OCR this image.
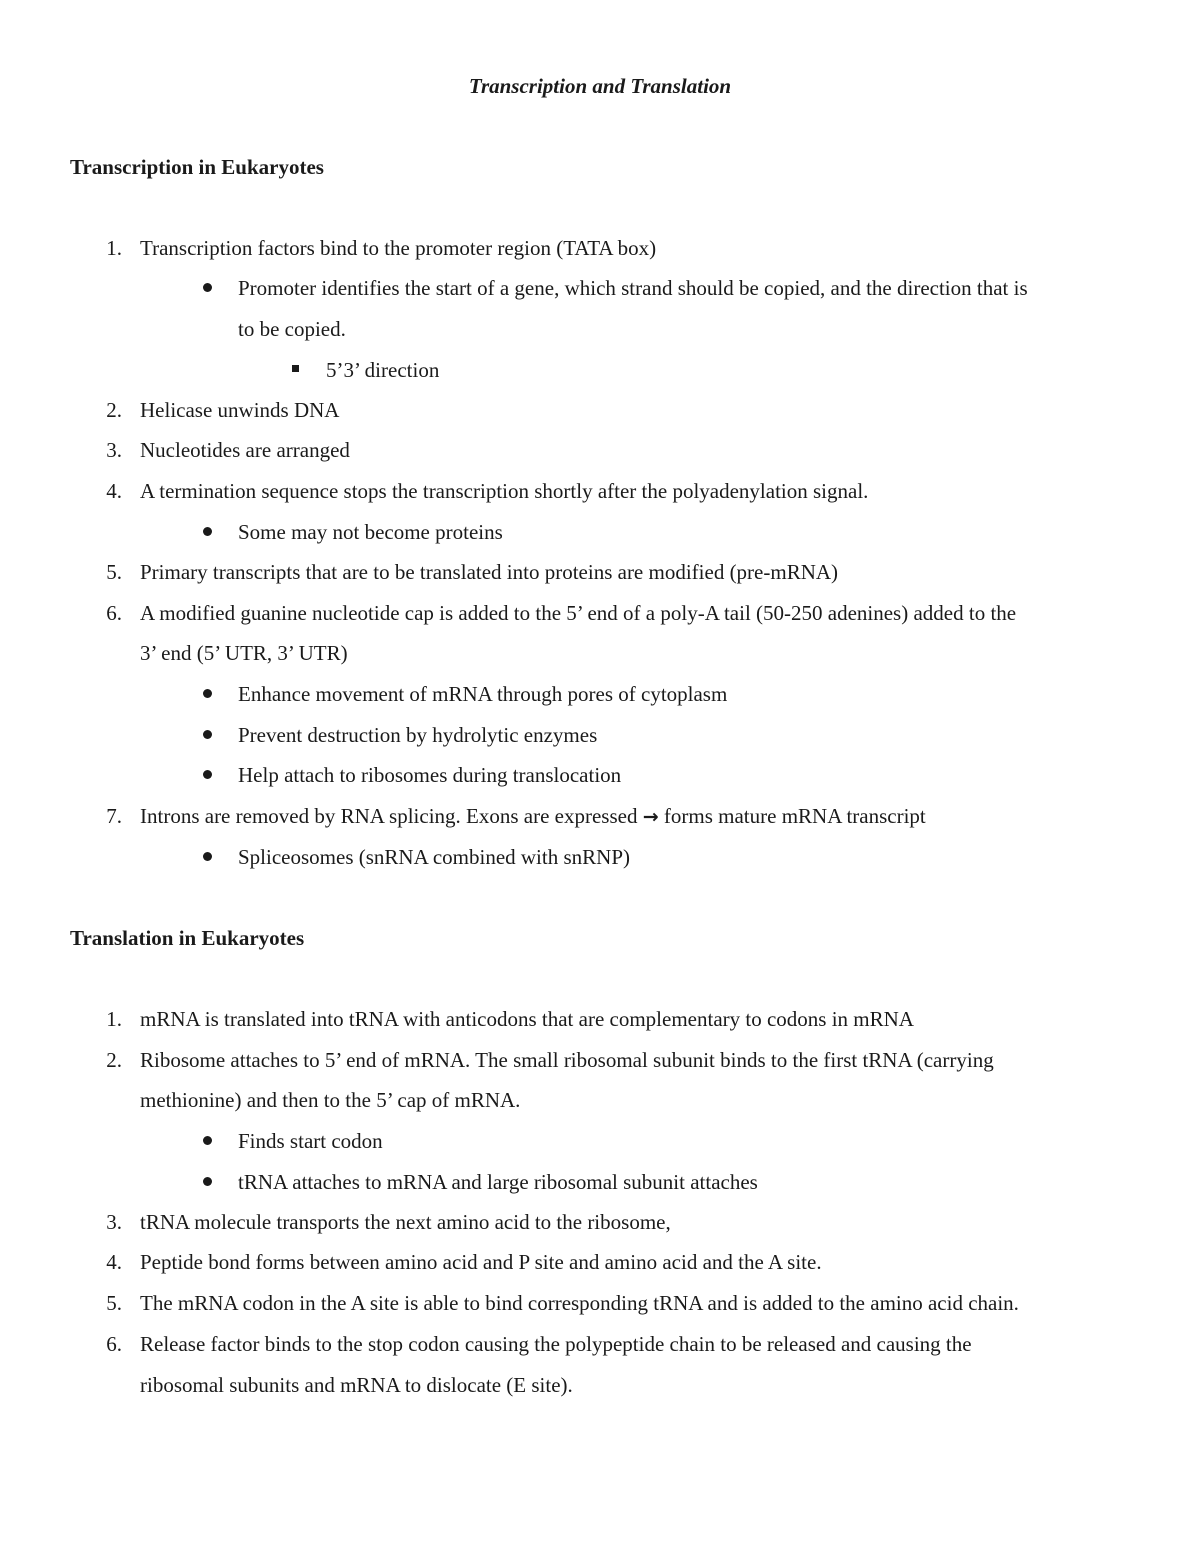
Transcription and Translation
Transcription in Eukaryotes
1. Transcription factors bind to the promoter region (TATA box)
Promoter identifies the start of a gene, which strand should be copied, and the direction that is
to be copied.
5’3’ direction
2. Helicase unwinds DNA
3. Nucleotides are arranged
4. A termination sequence stops the transcription shortly after the polyadenylation signal.
Some may not become proteins
5. Primary transcripts that are to be translated into proteins are modified (pre-mRNA)
6. A modified guanine nucleotide cap is added to the 5’ end of a poly-A tail (50-250 adenines) added to the
3’ end (5’ UTR, 3’ UTR)
Enhance movement of mRNA through pores of cytoplasm
Prevent destruction by hydrolytic enzymes
Help attach to ribosomes during translocation
7. Introns are removed by RNA splicing. Exons are expressed → forms mature mRNA transcript
Spliceosomes (snRNA combined with snRNP)
Translation in Eukaryotes
1. mRNA is translated into tRNA with anticodons that are complementary to codons in mRNA
2. Ribosome attaches to 5’ end of mRNA. The small ribosomal subunit binds to the first tRNA (carrying
methionine) and then to the 5’ cap of mRNA.
Finds start codon
tRNA attaches to mRNA and large ribosomal subunit attaches
3. tRNA molecule transports the next amino acid to the ribosome,
4. Peptide bond forms between amino acid and P site and amino acid and the A site.
5. The mRNA codon in the A site is able to bind corresponding tRNA and is added to the amino acid chain.
6. Release factor binds to the stop codon causing the polypeptide chain to be released and causing the
ribosomal subunits and mRNA to dislocate (E site).
